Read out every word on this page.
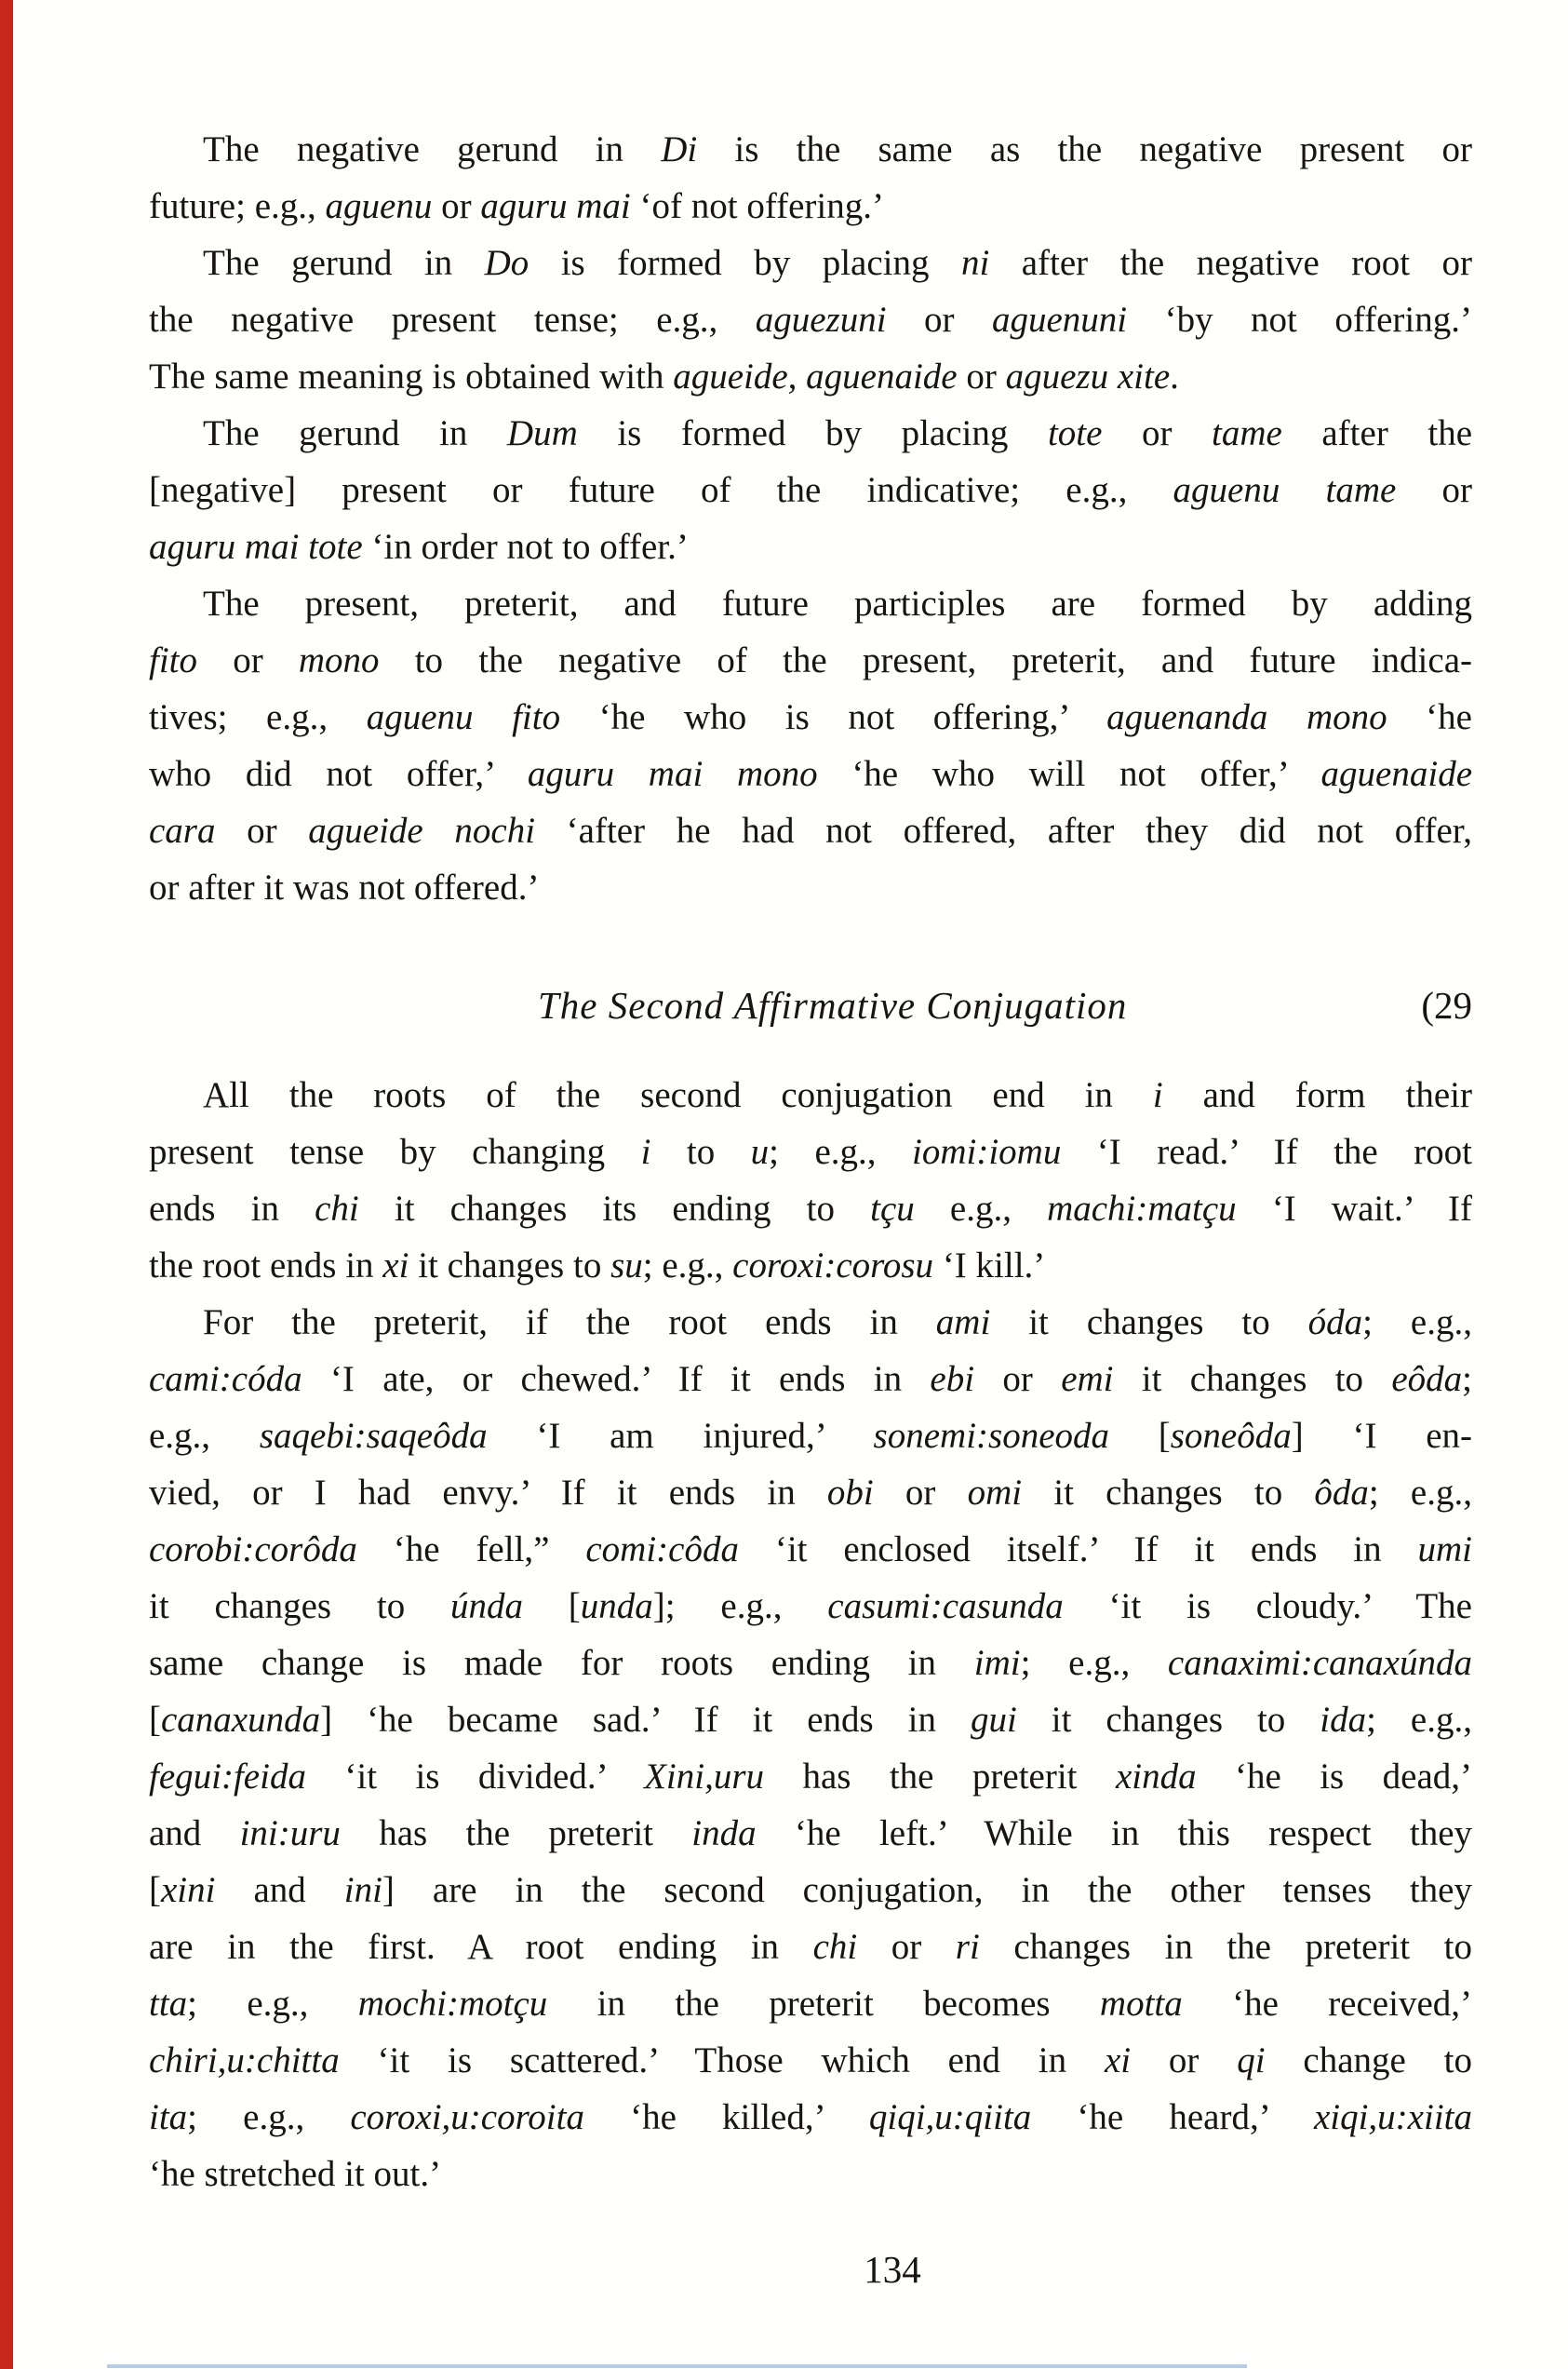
The negative gerund in Di is the same as the negative present or
future; e.g., aguenu or aguru mai ‘of not offering.’
The gerund in Do is formed by placing ni after the negative root or
the negative present tense; e.g., aguezuni or aguenuni ‘by not offering.’
The same meaning is obtained with agueide, aguenaide or aguezu xite.
The gerund in Dum is formed by placing tote or tame after the
[negative] present or future of the indicative; e.g., aguenu tame or
aguru mai tote ‘in order not to offer.’
The present, preterit, and future participles are formed by adding
fito or mono to the negative of the present, preterit, and future indica-
tives; e.g., aguenu fito ‘he who is not offering,’ aguenanda mono ‘he
who did not offer,’ aguru mai mono ‘he who will not offer,’ aguenaide
cara or agueide nochi ‘after he had not offered, after they did not offer,
or after it was not offered.’
The Second Affirmative Conjugation	(29
All the roots of the second conjugation end in i and form their
present tense by changing i to u; e.g., iomi:iomu ‘I read.’ If the root
ends in chi it changes its ending to tçu e.g., machi:matçu ‘I wait.’ If
the root ends in xi it changes to su; e.g., coroxi:corosu ‘I kill.’
For the preterit, if the root ends in ami it changes to óda; e.g.,
cami:códa ‘I ate, or chewed.’ If it ends in ebi or emi it changes to eôda;
e.g., saqebi:saqeôda ‘I am injured,’ sonemi:soneoda [soneôda] ‘I en-
vied, or I had envy.’ If it ends in obi or omi it changes to ôda; e.g.,
corobi:corôda ‘he fell,” comi:côda ‘it enclosed itself.’ If it ends in umi
it changes to únda [unda]; e.g., casumi:casunda ‘it is cloudy.’ The
same change is made for roots ending in imi; e.g., canaximi:canaxúnda
[canaxunda] ‘he became sad.’ If it ends in gui it changes to ida; e.g.,
fegui:feida ‘it is divided.’ Xini,uru has the preterit xinda ‘he is dead,’
and ini:uru has the preterit inda ‘he left.’ While in this respect they
[xini and ini] are in the second conjugation, in the other tenses they
are in the first. A root ending in chi or ri changes in the preterit to
tta; e.g., mochi:motçu in the preterit becomes motta ‘he received,’
chiri,u:chitta ‘it is scattered.’ Those which end in xi or qi change to
ita; e.g., coroxi,u:coroita ‘he killed,’ qiqi,u:qiita ‘he heard,’ xiqi,u:xiita
‘he stretched it out.’
134
